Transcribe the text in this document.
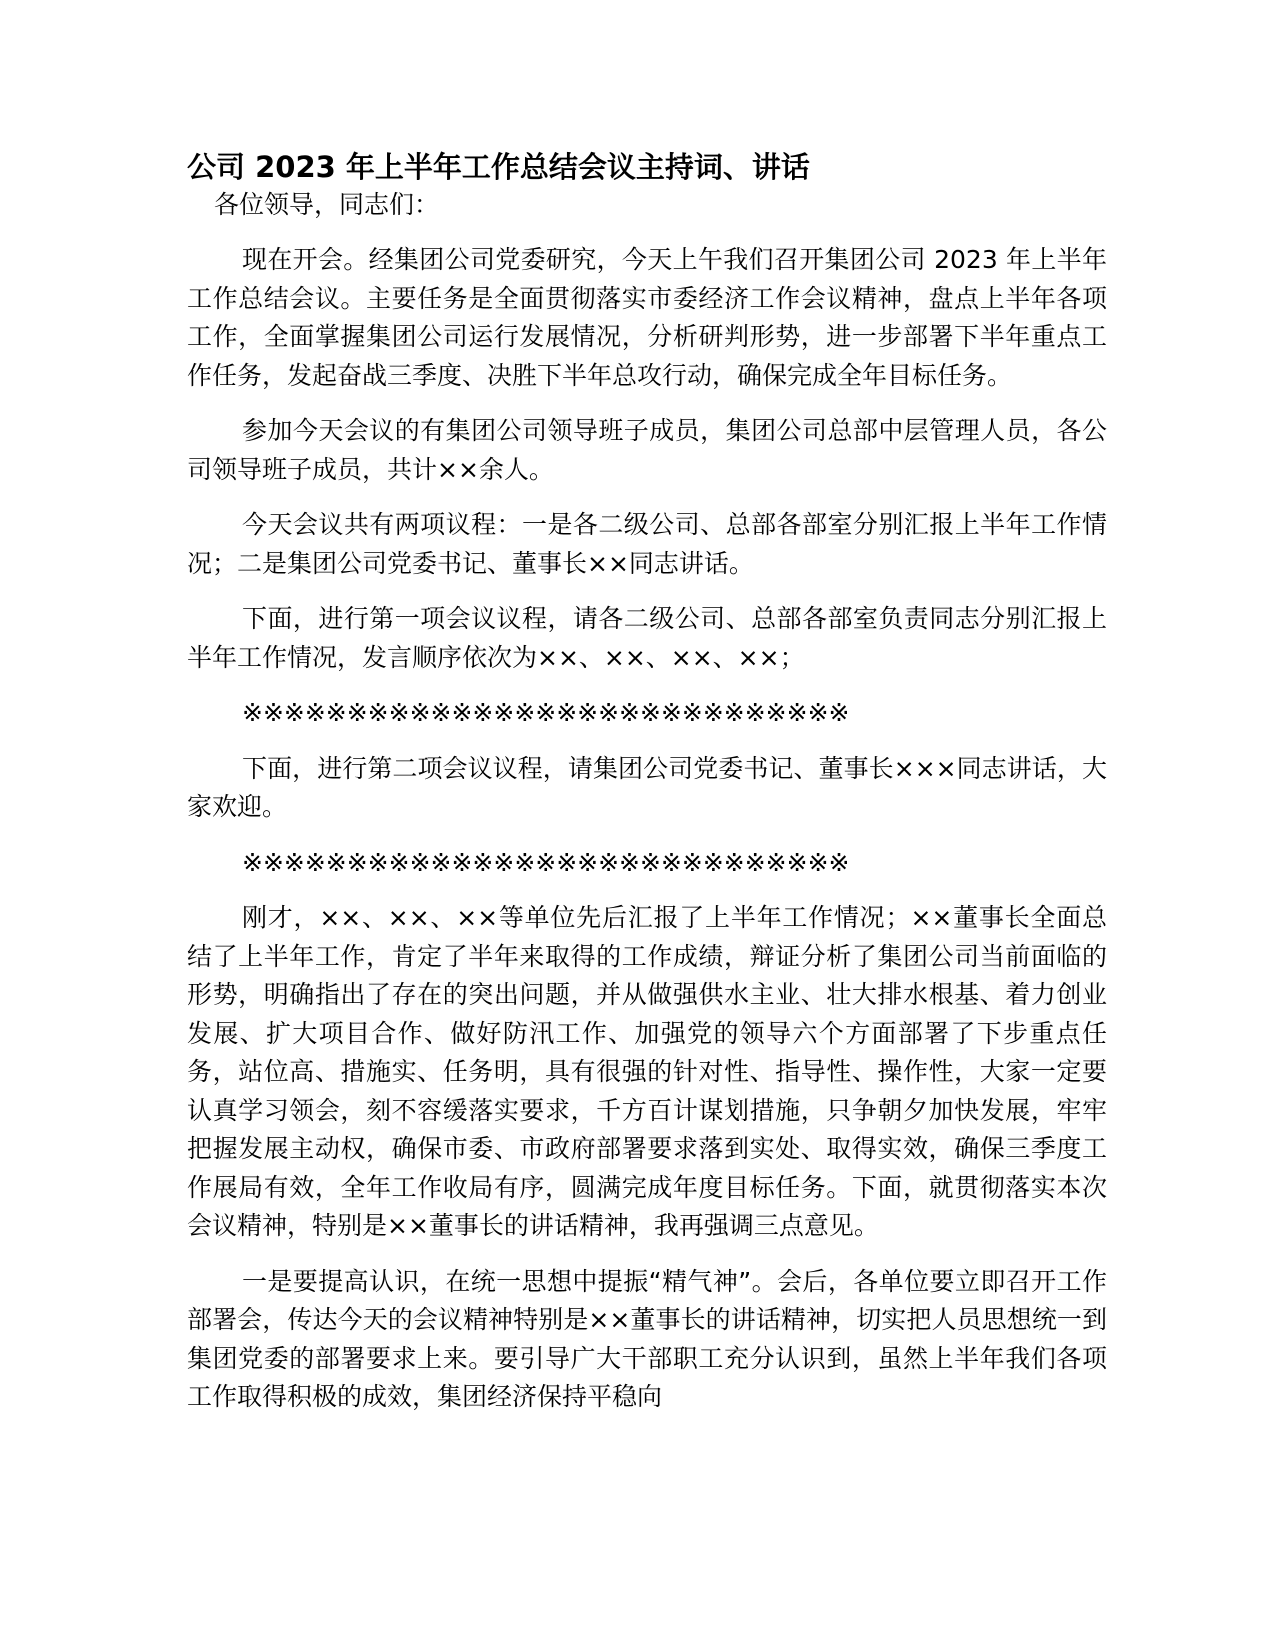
公司 2023 年上半年工作总结会议主持词、讲话

各位领导，同志们：

现在开会。经集团公司党委研究，今天上午我们召开集团公司 2023 年上半年工作总结会议。主要任务是全面贯彻落实市委经济工作会议精神，盘点上半年各项工作，全面掌握集团公司运行发展情况，分析研判形势，进一步部署下半年重点工作任务，发起奋战三季度、决胜下半年总攻行动，确保完成全年目标任务。

参加今天会议的有集团公司领导班子成员，集团公司总部中层管理人员，各公司领导班子成员，共计××余人。

今天会议共有两项议程：一是各二级公司、总部各部室分别汇报上半年工作情况；二是集团公司党委书记、董事长××同志讲话。

下面，进行第一项会议议程，请各二级公司、总部各部室负责同志分别汇报上半年工作情况，发言顺序依次为××、××、××、××；

※※※※※※※※※※※※※※※※※※※※※※※※※※※※※

下面，进行第二项会议议程，请集团公司党委书记、董事长×××同志讲话，大家欢迎。

※※※※※※※※※※※※※※※※※※※※※※※※※※※※※

刚才，××、××、××等单位先后汇报了上半年工作情况；××董事长全面总结了上半年工作，肯定了半年来取得的工作成绩，辩证分析了集团公司当前面临的形势，明确指出了存在的突出问题，并从做强供水主业、壮大排水根基、着力创业发展、扩大项目合作、做好防汛工作、加强党的领导六个方面部署了下步重点任务，站位高、措施实、任务明，具有很强的针对性、指导性、操作性，大家一定要认真学习领会，刻不容缓落实要求，千方百计谋划措施，只争朝夕加快发展，牢牢把握发展主动权，确保市委、市政府部署要求落到实处、取得实效，确保三季度工作展局有效，全年工作收局有序，圆满完成年度目标任务。下面，就贯彻落实本次会议精神，特别是××董事长的讲话精神，我再强调三点意见。

一是要提高认识，在统一思想中提振“精气神”。会后，各单位要立即召开工作部署会，传达今天的会议精神特别是××董事长的讲话精神，切实把人员思想统一到集团党委的部署要求上来。要引导广大干部职工充分认识到，虽然上半年我们各项工作取得积极的成效，集团经济保持平稳向
